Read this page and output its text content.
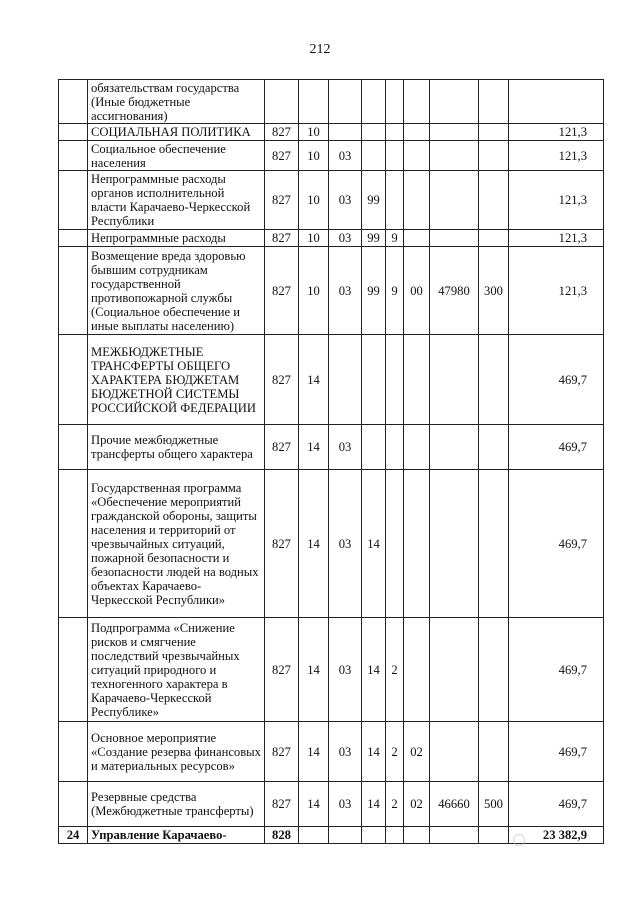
212
	обязательствам государства (Иные бюджетные ассигнования)									
	СОЦИАЛЬНАЯ ПОЛИТИКА	827	10							121,3
	Социальное обеспечение населения	827	10	03						121,3
	Непрограммные расходы органов исполнительной власти Карачаево-Черкесской Республики	827	10	03	99					121,3
	Непрограммные расходы	827	10	03	99	9				121,3
	Возмещение вреда здоровью бывшим сотрудникам государственной противопожарной службы (Социальное обеспечение и иные выплаты населению)	827	10	03	99	9	00	47980	300	121,3
	МЕЖБЮДЖЕТНЫЕ ТРАНСФЕРТЫ ОБЩЕГО ХАРАКТЕРА БЮДЖЕТАМ БЮДЖЕТНОЙ СИСТЕМЫ РОССИЙСКОЙ ФЕДЕРАЦИИ	827	14							469,7
	Прочие межбюджетные трансферты общего характера	827	14	03						469,7
	Государственная программа «Обеспечение мероприятий гражданской обороны, защиты населения и территорий от чрезвычайных ситуаций, пожарной безопасности и безопасности людей на водных объектах Карачаево-Черкесской Республики»	827	14	03	14					469,7
	Подпрограмма «Снижение рисков и смягчение последствий чрезвычайных ситуаций природного и техногенного характера в Карачаево-Черкесской Республике»	827	14	03	14	2				469,7
	Основное мероприятие «Создание резерва финансовых и материальных ресурсов»	827	14	03	14	2	02			469,7
	Резервные средства (Межбюджетные трансферты)	827	14	03	14	2	02	46660	500	469,7
24	Управление Карачаево-	828								23 382,9
